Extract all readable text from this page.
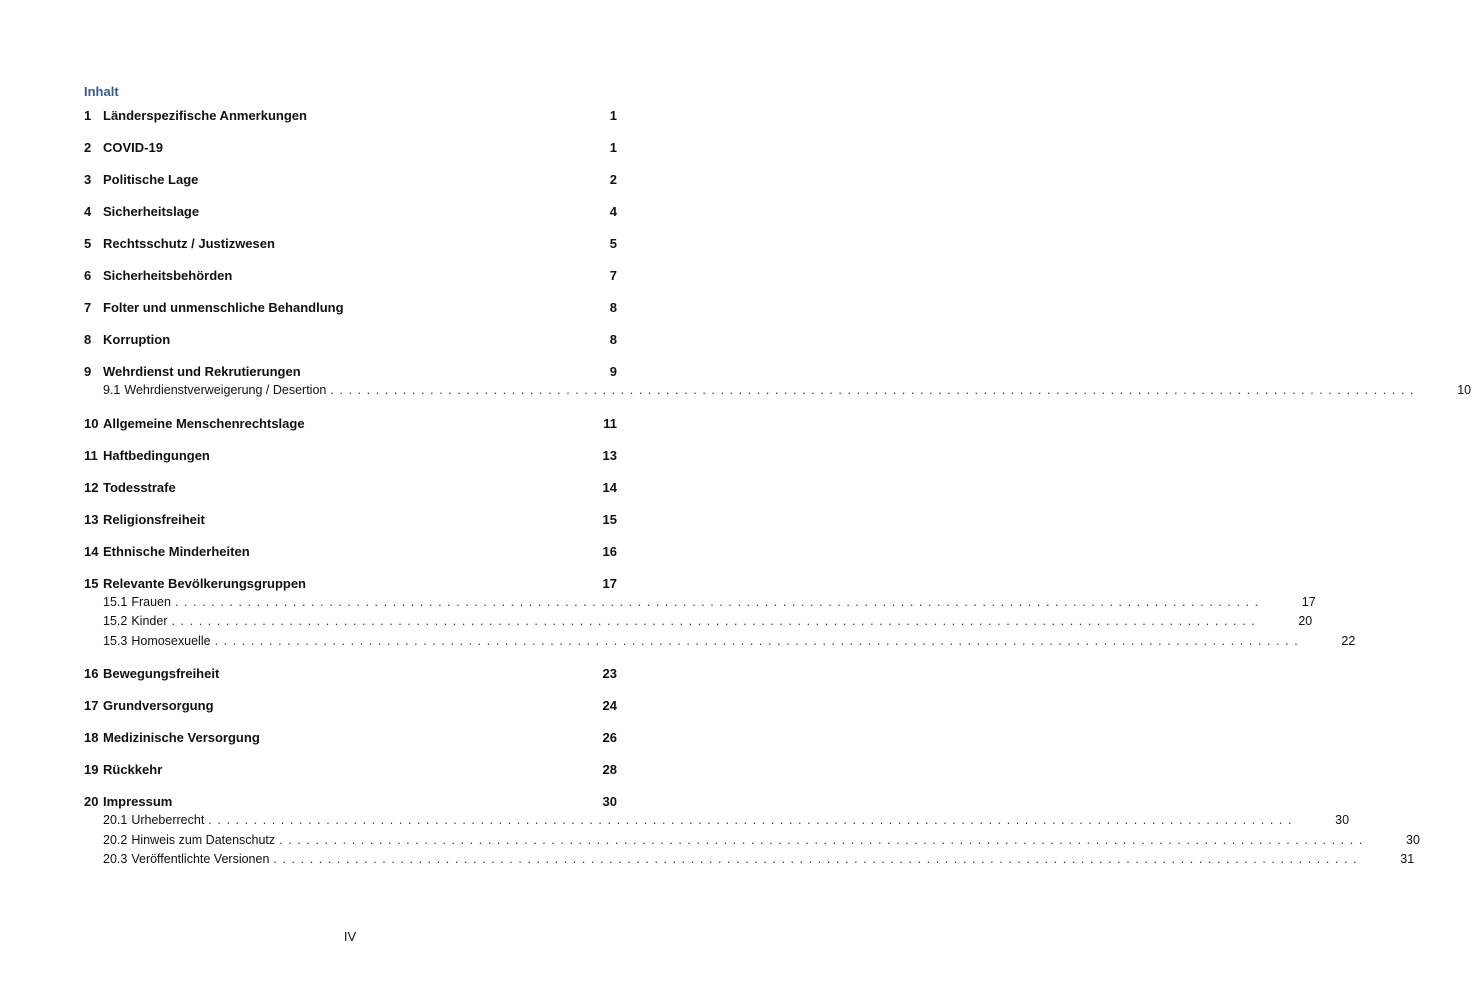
Inhalt
1 Länderspezifische Anmerkungen	1
2 COVID-19	1
3 Politische Lage	2
4 Sicherheitslage	4
5 Rechtsschutz / Justizwesen	5
6 Sicherheitsbehörden	7
7 Folter und unmenschliche Behandlung	8
8 Korruption	8
9 Wehrdienst und Rekrutierungen	9
9.1 Wehrdienstverweigerung / Desertion ........................................................................................................................	10
10 Allgemeine Menschenrechtslage	11
11 Haftbedingungen	13
12 Todesstrafe	14
13 Religionsfreiheit	15
14 Ethnische Minderheiten	16
15 Relevante Bevölkerungsgruppen	17
15.1 Frauen ........................................................................................................................	17
15.2 Kinder ........................................................................................................................	20
15.3 Homosexuelle ........................................................................................................................	22
16 Bewegungsfreiheit	23
17 Grundversorgung	24
18 Medizinische Versorgung	26
19 Rückkehr	28
20 Impressum	30
20.1 Urheberrecht ........................................................................................................................	30
20.2 Hinweis zum Datenschutz ........................................................................................................................	30
20.3 Veröffentlichte Versionen ........................................................................................................................	31
IV
